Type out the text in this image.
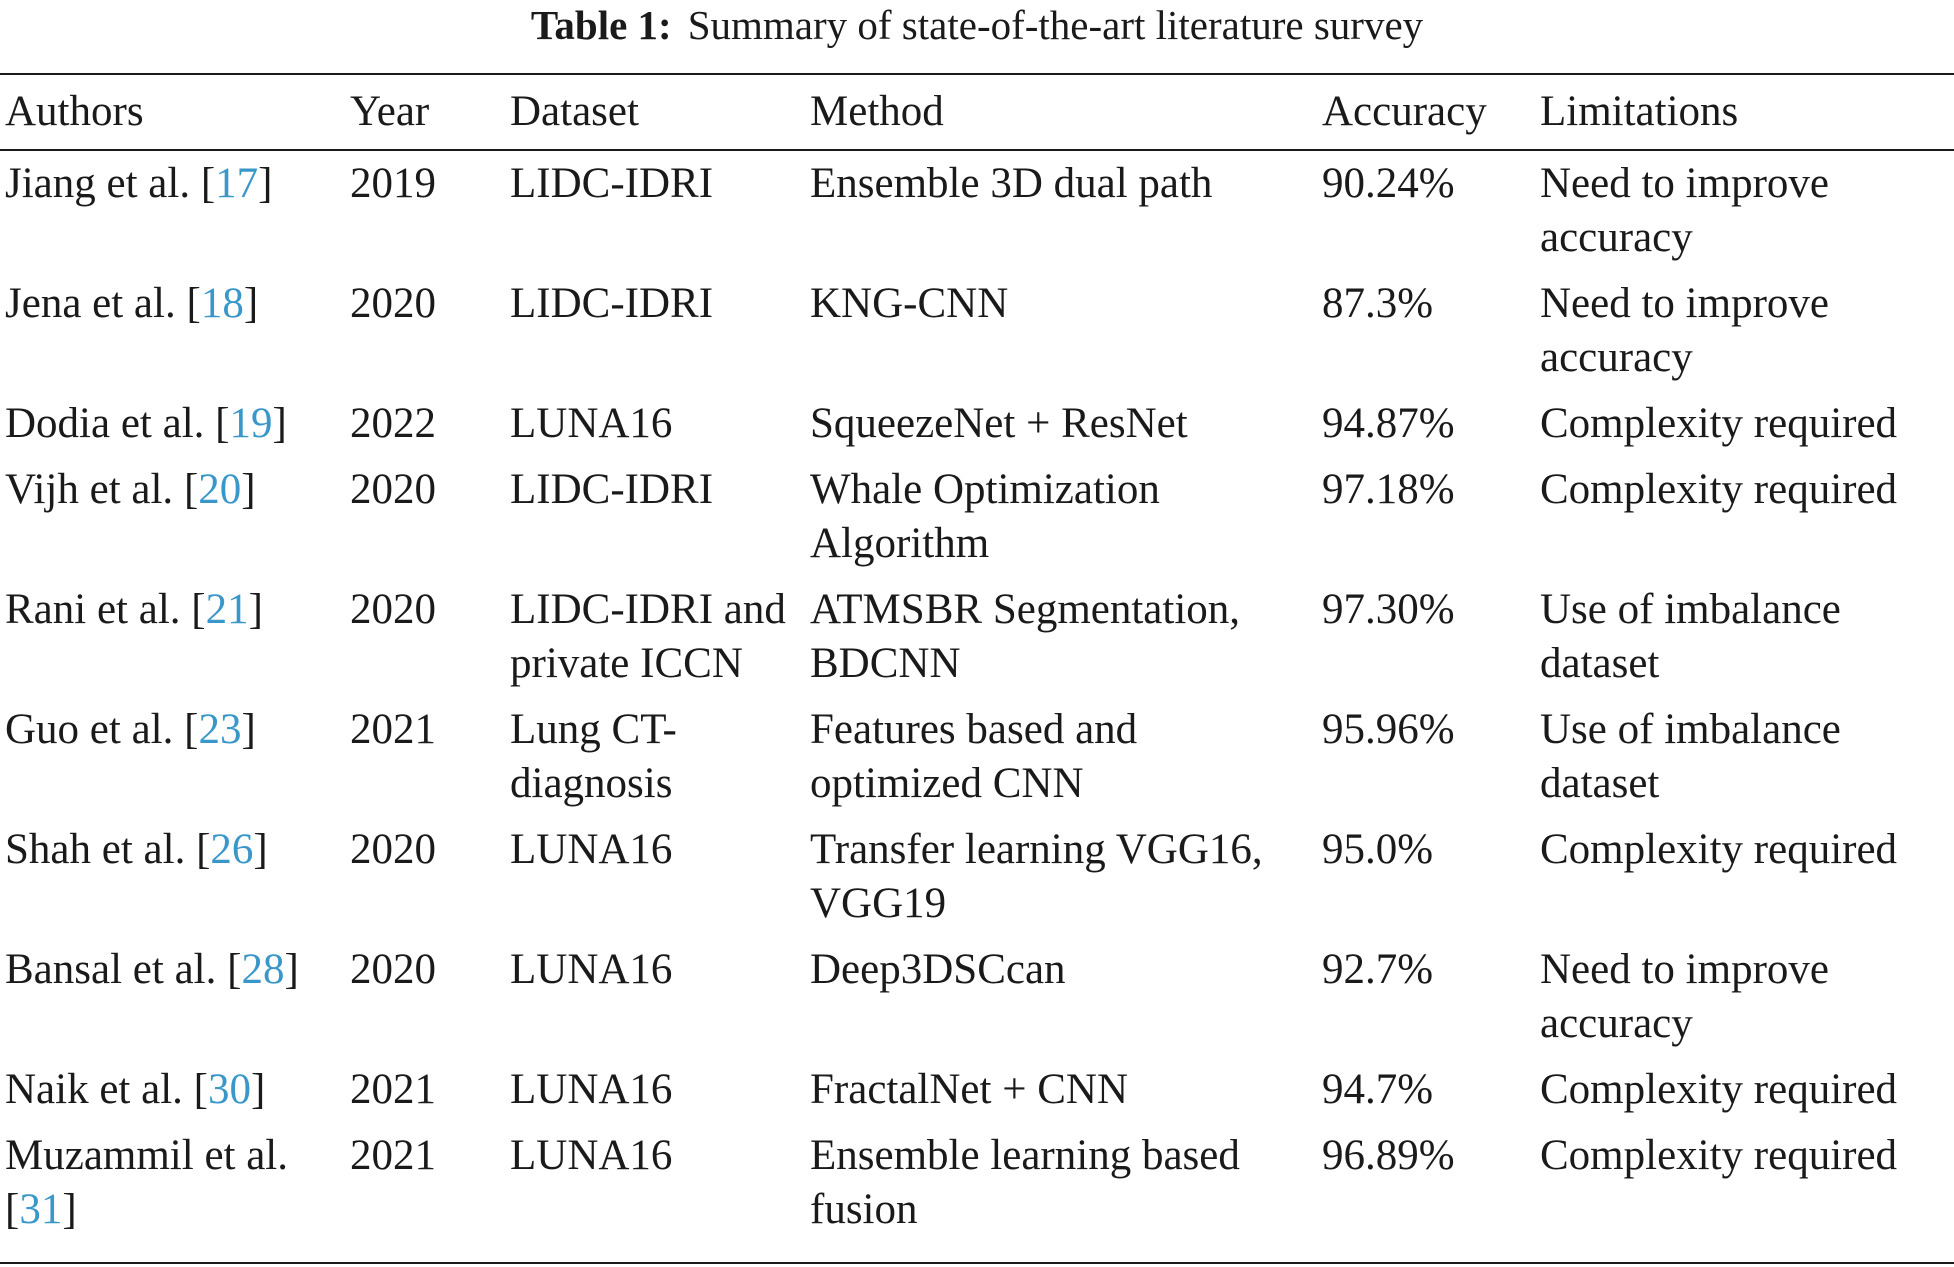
Table 1: Summary of state-of-the-art literature survey
Authors	Year	Dataset	Method	Accuracy	Limitations
Jiang et al. [17]	2019	LIDC-IDRI	Ensemble 3D dual path	90.24%	Need to improve accuracy
Jena et al. [18]	2020	LIDC-IDRI	KNG-CNN	87.3%	Need to improve accuracy
Dodia et al. [19]	2022	LUNA16	SqueezeNet + ResNet	94.87%	Complexity required
Vijh et al. [20]	2020	LIDC-IDRI	Whale Optimization Algorithm	97.18%	Complexity required
Rani et al. [21]	2020	LIDC-IDRI and private ICCN	ATMSBR Segmentation, BDCNN	97.30%	Use of imbalance dataset
Guo et al. [23]	2021	Lung CT-diagnosis	Features based and optimized CNN	95.96%	Use of imbalance dataset
Shah et al. [26]	2020	LUNA16	Transfer learning VGG16, VGG19	95.0%	Complexity required
Bansal et al. [28]	2020	LUNA16	Deep3DSCcan	92.7%	Need to improve accuracy
Naik et al. [30]	2021	LUNA16	FractalNet + CNN	94.7%	Complexity required
Muzammil et al. [31]	2021	LUNA16	Ensemble learning based fusion	96.89%	Complexity required
